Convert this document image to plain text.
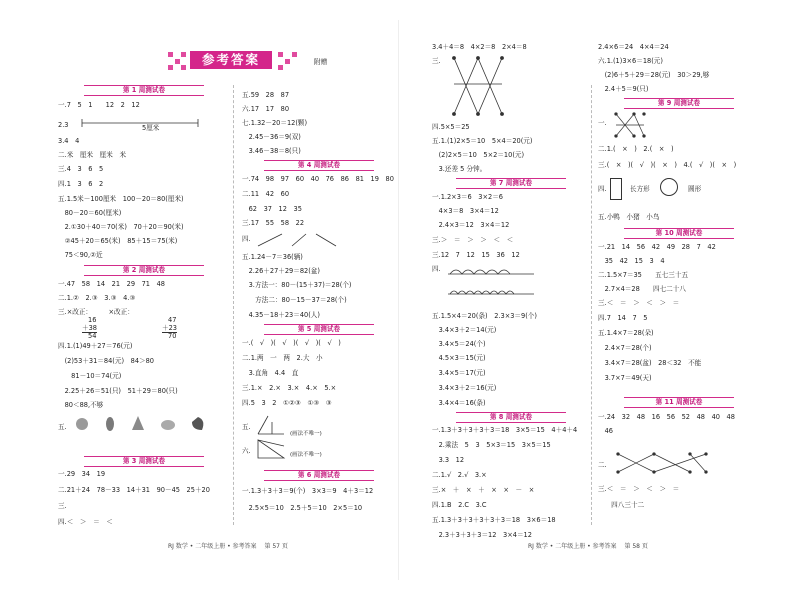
参考答案	附赠
第 1 周测试卷
一.7　5　1　　12　2　12
2.3	5厘米
3.4　4
二.米　厘米　厘米　米
三.4　3　6　5
四.1　3　6　2
五.1.5米－100厘米　100－20＝80(厘米)
　80－20＝60(厘米)
　2.①30＋40＝70(米)　70＋20＝90(米)
　②45＋20＝65(米)　85＋15＝75(米)
　75＜90,②近
第 2 周测试卷
一.47　58　14　21　29　71　48
二.1.②　2.③　3.③　4.③
三.×改正：　　　×改正：
16
＋38
54
47
＋23
70
四.1.(1)49＋27＝76(元)
　(2)53＋31＝84(元)　84＞80
　　81－10＝74(元)
　2.25＋26＝51(只)　51＋29＝80(只)
　80＜88,不够
五.
第 3 周测试卷
一.29　34　19
二.21＋24　78－33　14＋31　90－45　25＋20
三.
四.＜　＞　＝　＜
五.59　28　87
六.17　17　80
七.1.32－20＝12(颗)
　2.45－36＝9(双)
　3.46－38＝8(只)
第 4 周测试卷
一.74　98　97　60　40　76　86　81　19　80
二.11　42　60
　62　37　12　35
三.17　55　58　22
四.
五.1.24－7＝36(辆)
　2.26＋27＋29＝82(盆)
　3.方法一：80－(15＋37)＝28(个)
　　方法二：80－15－37＝28(个)
　4.35－18＋23＝40(人)
第 5 周测试卷
一.(　√　)(　√　)(　√　)(　√　)
二.1.两　一　两　2.大　小
　3.直角　4.4　直
三.1.×　2.×　3.×　4.×　5.×
四.5　3　2　①②③　①③　③
五.
(画法不唯一)
六.	(画法不唯一)
第 6 周测试卷
一.1.3＋3＋3＝9(个)　3×3＝9　4＋3＝12
　2.5×5＝10　2.5＋5＝10　2×5＝10
3.4＋4＝8　4×2＝8　2×4＝8
三.
四.5×5＝25
五.1.(1)2×5＝10　5×4＝20(元)
　(2)2×5＝10　5×2＝10(元)
　3.还差 5 分钟。
第 7 周测试卷
一.1.2×3＝6　3×2＝6
　4×3＝8　3×4＝12
　2.4×3＝12　3×4＝12
三.＞　＝　＞　＞　＜　＜
三.12　7　12　15　36　12
四.
五.1.5×4＝20(条)　2.3×3＝9(个)
　3.4×3＋2＝14(元)
　3.4×5＝24(个)
　4.5×3＝15(元)
　3.4×5＝17(元)
　3.4×3＋2＝16(元)
　3.4×4＝16(条)
第 8 周测试卷
一.1.3＋3＋3＋3＋3＝18　3×5＝15　4＋4＋4
　2.乘法　5　3　5×3＝15　3×5＝15
　3.3　12
二.1.√　2.√　3.×
三.×　＋　×　＋　×　×　－　×
四.1.B　2.C　3.C
五.1.3＋3＋3＋3＋3＋3＝18　3×6＝18
　2.3＋3＋3＋3＝12　3×4＝12
2.4×6＝24　4×4＝24
六.1.(1)3×6＝18(元)
　(2)6＋5＋29＝28(元)　30＞29,够
　2.4＋5＝9(只)
第 9 周测试卷
一.
二.1.(　×　)　2.(　×　)
三.(　×　)(　√　)(　×　)　4.(　√　)(　×　)
四.	长方形	圆形
五.小鸭　小猪　小鸟
第 10 周测试卷
一.21　14　56　42　49　28　7　42
　35　42　15　3　4
二.1.5×7＝35　　五七三十五
　2.7×4＝28　　四七二十八
三.＜　＝　＞　＜　＞　＝
四.7　14　7　5
五.1.4×7＝28(朵)
　2.4×7＝28(个)
　3.4×7＝28(盆)　28＜32　不能
　3.7×7＝49(天)
第 11 周测试卷
一.24　32　48　16　56　52　48　40　48
　46
二.
三.＜　＝　＞　＜　＞　＝
　　四八三十二
RJ 数学 • 二年级上册 • 参考答案 　第 57 页	RJ 数学 • 二年级上册 • 参考答案 　第 58 页
